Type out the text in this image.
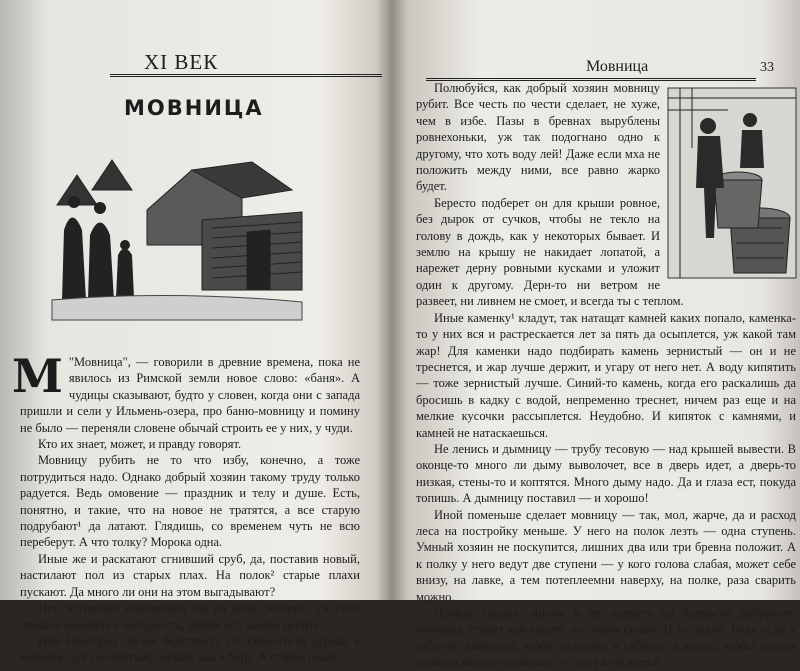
XI ВЕК
МОВНИЦА

М "Мовница", — говорили в древние времена, пока не явилось из Римской земли новое слово: «баня». А чудицы сказывают, будто у словен, когда они с запада пришли и сели у Ильмень-озера, про баню-мовницу и помину не было — переняли словене обычай строить ее у них, у чуди.

Кто их знает, может, и правду говорят.

Мовницу рубить не то что избу, конечно, а тоже потрудиться надо. Однако добрый хозяин такому труду только радуется. Ведь омовение — праздник и телу и душе. Есть, понятно, и такие, что на новое не тратятся, а все старую подрубают¹ да латают. Глядишь, со временем чуть не всю переберут. А что толку? Морока одна.

Иные же и раскатают сгнивший сруб, да, поставив новый, настилают пол из старых плах. На полок² старые плахи пускают. Да много ли они на этом выгадывают?

Нет, истинный новгородец так на дело смотрит: уж если пришла мовница в негодность, лучше все заново рубить.

Или Новгород лесом бедствует? От свежего-то дерева в мовнице дух смолистый, легкий, как в бору. А старое гнило...

Мовница	33

Полюбуйся, как добрый хозяин мовницу рубит. Все честь по чести сделает, не хуже, чем в избе. Пазы в бревнах вырублены ровнехоньки, уж так подогнано одно к другому, что хоть воду лей! Даже если мха не положить между ними, все равно жарко будет.

Бересто подберет он для крыши ровное, без дырок от сучков, чтобы не текло на голову в дождь, как у некоторых бывает. И землю на крышу не накидает лопатой, а нарежет дерну ровными кусками и уложит один к другому. Дерн-то ни ветром не развеет, ни ливнем не смоет, и всегда ты с теплом.

Иные каменку¹ кладут, так натащат камней каких попало, каменка-то у них вся и растрескается лет за пять да осыплется, уж какой там жар! Для каменки надо подбирать камень зернистый — он и не треснется, и жар лучше держит, и угару от него нет. А воду кипятить — тоже зернистый лучше. Синий-то камень, когда его раскалишь да бросишь в кадку с водой, непременно треснет, ничем раз еще и на мелкие кусочки рассыплется. Неудобно. И кипяток с камнями, и камней не натаскаешься.

Не ленись и дымницу — трубу тесовую — над крышей вывести. В оконце-то много ли дыму выволочет, все в дверь идет, а дверь-то низкая, стены-то и коптятся. Много дыму надо. Да и глаза ест, покуда топишь. А дымницу поставил — и хорошо!

Иной поменьше сделает мовницу — так, мол, жарче, да и расход леса на постройку меньше. У него на полок лезть — одна ступень. Умный хозяин не поскупится, лишних два или три бревна положит. А к полку у него ведут две ступени — у кого голова слабая, может себе внизу, на лавке, а тем потеплеемни наверху, на полке, раза сварить можно.

Правду сказать, иному и не поднять по бедности добрую-то мовницу, ставит кой-какую, по своим силам. И то ладно. Ведь если у тебя нет мовницы, чтобы истопить в субботу, а ждать, чтобы соседи позвали мыться-париться, — это уж не житье.
